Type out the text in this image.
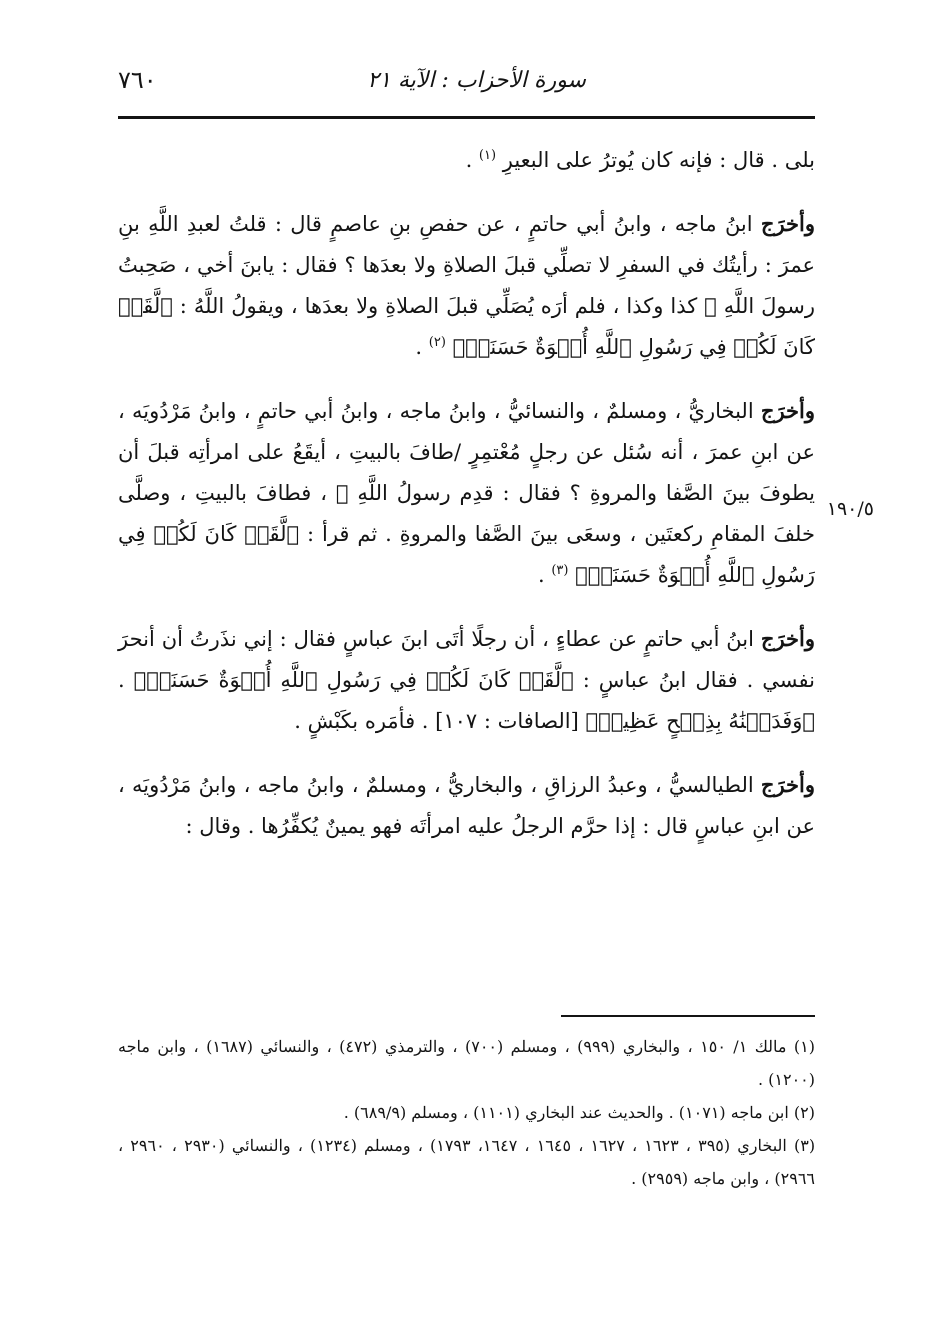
٧٦٠	سورة الأحزاب : الآية ٢١
١٩٠/٥

بلى . قال : فإنه كان يُوترُ على البعيرِ $^{(١)}$ .

وأخرَج ابنُ ماجه ، وابنُ أبي حاتمٍ ، عن حفصِ بنِ عاصمٍ قال : قلتُ لعبدِ اللَّهِ بنِ عمرَ : رأيتُك في السفرِ لا تصلِّي قبلَ الصلاةِ ولا بعدَها ؟ فقال : يابنَ أخي ، صَحِبتُ رسولَ اللَّهِ ﷺ كذا وكذا ، فلم أرَه يُصَلِّي قبلَ الصلاةِ ولا بعدَها ، ويقولُ اللَّهُ : ﴿لَّقَدۡ كَانَ لَكُمۡ فِي رَسُولِ ٱللَّهِ أُسۡوَةٌ حَسَنَةٞ﴾ $^{(٢)}$ .

وأخرَج البخاريُّ ، ومسلمٌ ، والنسائيُّ ، وابنُ ماجه ، وابنُ أبي حاتمٍ ، وابنُ مَرْدُويَه ، عن ابنِ عمرَ ، أنه سُئل عن رجلٍ مُعْتمِرٍ /طافَ بالبيتِ ، أيقَعُ على امرأتِه قبلَ أن يطوفَ بينَ الصَّفا والمروةِ ؟ فقال : قدِم رسولُ اللَّهِ ﷺ ، فطافَ بالبيتِ ، وصلَّى خلفَ المقامِ ركعتَين ، وسعَى بينَ الصَّفا والمروةِ . ثم قرأ : ﴿لَّقَدۡ كَانَ لَكُمۡ فِي رَسُولِ ٱللَّهِ أُسۡوَةٌ حَسَنَةٞ﴾ $^{(٣)}$ .

وأخرَج ابنُ أبي حاتمٍ عن عطاءٍ ، أن رجلًا أتَى ابنَ عباسٍ فقال : إني نذَرتُ أن أنحرَ نفسي . فقال ابنُ عباسٍ : ﴿لَّقَدۡ كَانَ لَكُمۡ فِي رَسُولِ ٱللَّهِ أُسۡوَةٌ حَسَنَةٞ﴾ . ﴿وَفَدَيۡنَٰهُ بِذِبۡحٍ عَظِيمٖ﴾ [الصافات : ١٠٧] . فأمَره بكَبْشٍ .

وأخرَج الطيالسيُّ ، وعبدُ الرزاقِ ، والبخاريُّ ، ومسلمٌ ، وابنُ ماجه ، وابنُ مَرْدُويَه ، عن ابنِ عباسٍ قال : إذا حرَّم الرجلُ عليه امرأتَه فهو يمينٌ يُكفِّرُها . وقال :

(١) مالك ١/ ١٥٠ ، والبخاري (٩٩٩) ، ومسلم (٧٠٠) ، والترمذي (٤٧٢) ، والنسائي (١٦٨٧) ، وابن ماجه (١٢٠٠) .

(٢) ابن ماجه (١٠٧١) . والحديث عند البخاري (١١٠١) ، ومسلم (٦٨٩/٩) .

(٣) البخاري (٣٩٥ ، ١٦٢٣ ، ١٦٢٧ ، ١٦٤٥ ، ١٦٤٧، ١٧٩٣) ، ومسلم (١٢٣٤) ، والنسائي (٢٩٣٠ ، ٢٩٦٠ ، ٢٩٦٦) ، وابن ماجه (٢٩٥٩) .
